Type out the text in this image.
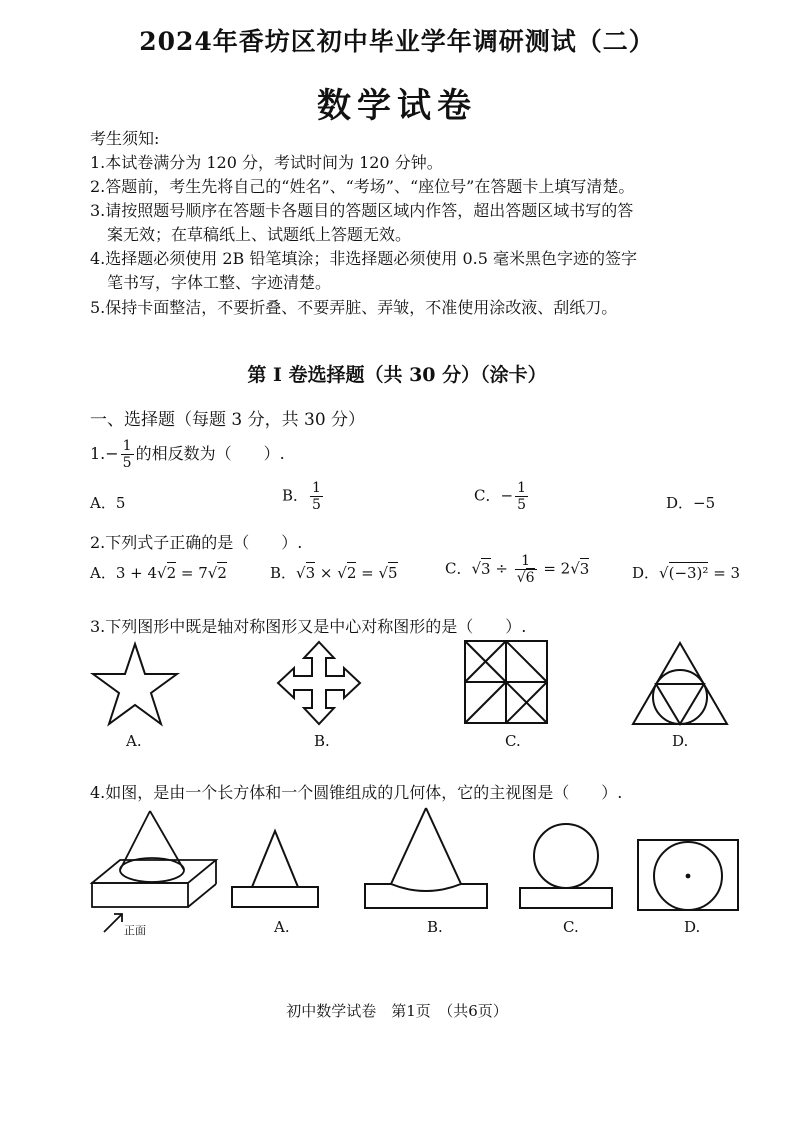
2024年香坊区初中毕业学年调研测试（二）
数学试卷
考生须知:
1.本试卷满分为 120 分，考试时间为 120 分钟。
2.答题前，考生先将自己的“姓名”、“考场”、“座位号”在答题卡上填写清楚。
3.请按照题号顺序在答题卡各题目的答题区域内作答，超出答题区域书写的答
案无效；在草稿纸上、试题纸上答题无效。
4.选择题必须使用 2B 铅笔填涂；非选择题必须使用 0.5 毫米黑色字迹的签字
笔书写，字体工整、字迹清楚。
5.保持卡面整洁，不要折叠、不要弄脏、弄皱，不准使用涂改液、刮纸刀。
第 I 卷选择题（共 30 分）（涂卡）
一、选择题（每题 3 分，共 30 分）
$1.- \frac{1}{5}$ 的相反数为（　　）.
A．5	B． $\frac{1}{5}$	C．− $\frac{1}{5}$	D．−5
2.下列式子正确的是（　　）.
A．3 + 4√2 = 7√2	B．√3 × √2 = √5	C．$√3 \div \frac{1}{√6} = 2√3$	D．√(−3)² = 3
3.下列图形中既是轴对称图形又是中心对称图形的是（　　）.
A.	B.	C.	D.
4.如图，是由一个长方体和一个圆锥组成的几何体，它的主视图是（　　）.
正面	A.	B.	C.	D.
初中数学试卷　第1页　（共6页）
